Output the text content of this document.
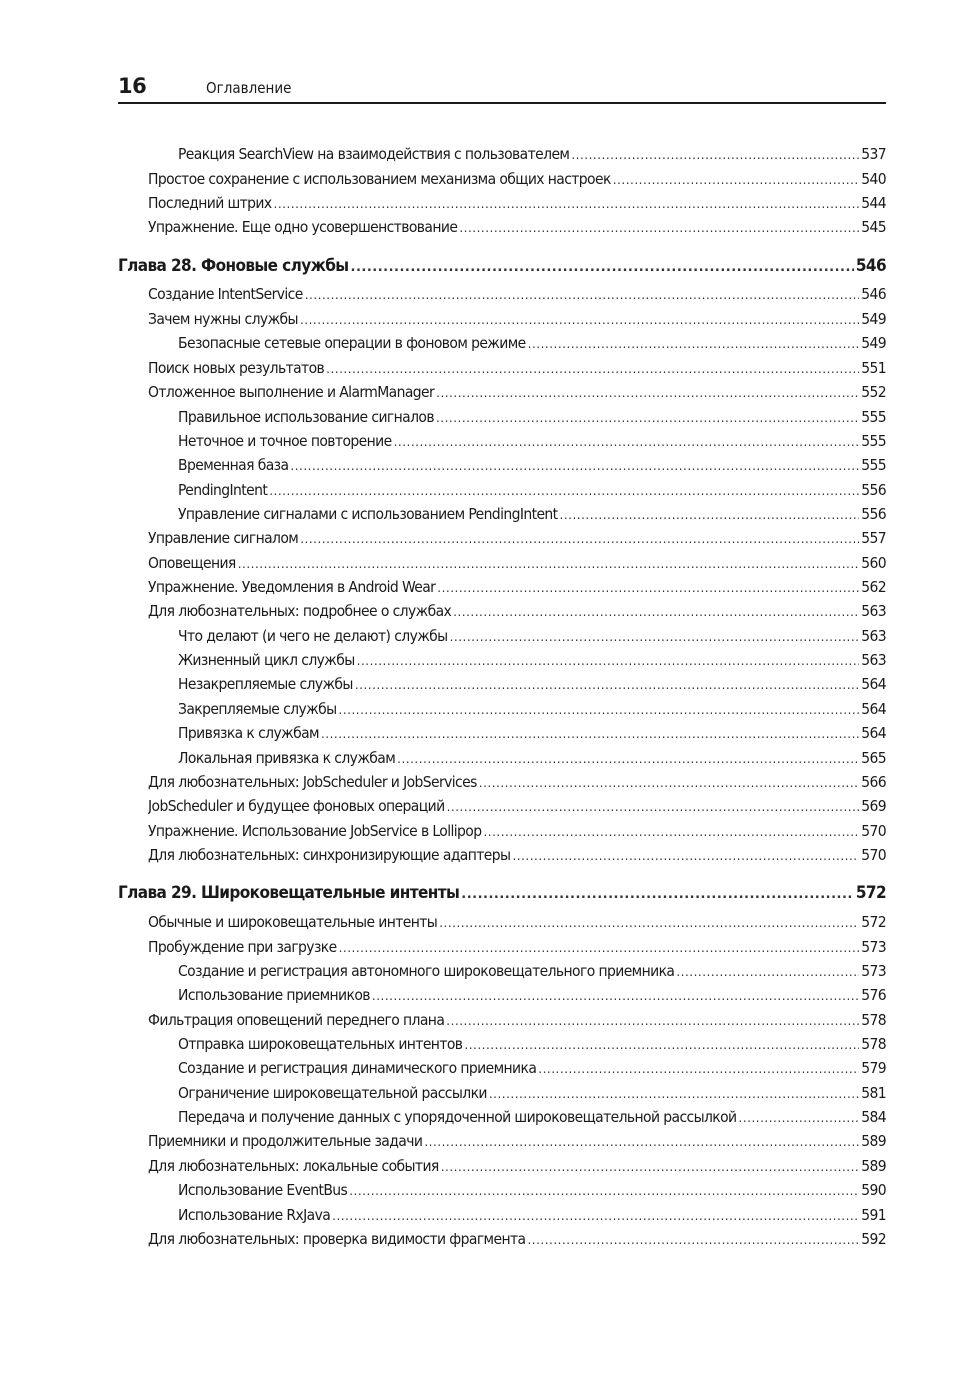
16	Оглавление
Реакция SearchView на взаимодействия с пользователем .....	537
Простое сохранение с использованием механизма общих настроек .....	540
Последний штрих .....	544
Упражнение. Еще одно усовершенствование .....	545
Глава 28. Фоновые службы .....	546
Создание IntentService .....	546
Зачем нужны службы .....	549
Безопасные сетевые операции в фоновом режиме .....	549
Поиск новых результатов .....	551
Отложенное выполнение и AlarmManager .....	552
Правильное использование сигналов .....	555
Неточное и точное повторение .....	555
Временная база .....	555
PendingIntent .....	556
Управление сигналами с использованием PendingIntent .....	556
Управление сигналом .....	557
Оповещения .....	560
Упражнение. Уведомления в Android Wear .....	562
Для любознательных: подробнее о службах .....	563
Что делают (и чего не делают) службы .....	563
Жизненный цикл службы .....	563
Незакрепляемые службы .....	564
Закрепляемые службы .....	564
Привязка к службам .....	564
Локальная привязка к службам .....	565
Для любознательных: JobScheduler и JobServices .....	566
JobScheduler и будущее фоновых операций .....	569
Упражнение. Использование JobService в Lollipop .....	570
Для любознательных: синхронизирующие адаптеры .....	570
Глава 29. Широковещательные интенты .....	572
Обычные и широковещательные интенты .....	572
Пробуждение при загрузке .....	573
Создание и регистрация автономного широковещательного приемника .....	573
Использование приемников .....	576
Фильтрация оповещений переднего плана .....	578
Отправка широковещательных интентов .....	578
Создание и регистрация динамического приемника .....	579
Ограничение широковещательной рассылки .....	581
Передача и получение данных с упорядоченной широковещательной рассылкой .....	584
Приемники и продолжительные задачи .....	589
Для любознательных: локальные события .....	589
Использование EventBus .....	590
Использование RxJava .....	591
Для любознательных: проверка видимости фрагмента .....	592
